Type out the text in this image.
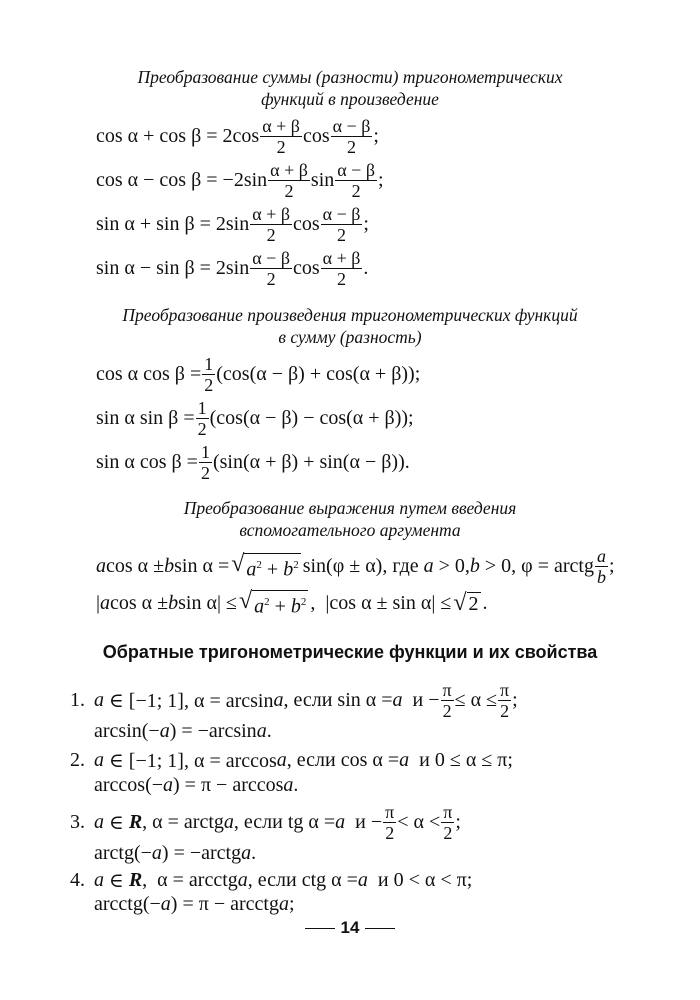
Преобразование суммы (разности) тригонометрических
функций в произведение
$\cos \alpha + \cos \beta = 2\cos \frac{\alpha + \beta}{2}$ $\cos \frac{\alpha - \beta}{2}$ ;
$\cos \alpha - \cos \beta = -2\sin \frac{\alpha + \beta}{2}$ $\sin \frac{\alpha - \beta}{2}$ ;
$\sin \alpha + \sin \beta = 2\sin \frac{\alpha + \beta}{2}$ $\cos \frac{\alpha - \beta}{2}$ ;
$\sin \alpha - \sin \beta = 2\sin \frac{\alpha - \beta}{2}$ $\cos \frac{\alpha + \beta}{2}$ .
Преобразование произведения тригонометрических функций
в сумму (разность)
cos α $\cos \beta = \frac{1}{2} (\cos(\alpha - \beta) + \cos(\alpha + \beta))$;
sin α $\sin \beta = \frac{1}{2} (\cos(\alpha - \beta) - \cos(\alpha + \beta))$;
sin α $\cos \beta = \frac{1}{2} (\sin(\alpha + \beta) + \sin(\alpha - \beta))$.
Преобразование выражения путем введения
вспомогательного аргумента
a cos α ± b sin α = √ $a^2 + b^2$ sin(φ ± α), где a > 0, b > 0, φ = arctg $\frac{a}{b}$ ;
| a cos α ± b sin α| ≤ √ $a^2 + b^2$ ,  |cos α ± sin α| ≤ √ 2 .
Обратные тригонометрические функции и их свойства
1. a ∈ [−1; 1], α = arcsin a , если sin α = a
$и - \frac{\pi}{2} \le \alpha \le \frac{\pi}{2}$ ;
arcsin(− a ) = −arcsin a .
2. a ∈ [−1; 1], α = arccos a , если cos α = a
и 0 ≤ α ≤ π;
arccos(− a ) = π − arccos a .
3. a ∈ R , α = arctg a , если tg α = a
$и - \frac{\pi}{2} < \alpha < \frac{\pi}{2}$ ;
arctg(− a ) = −arctg a .
4. a ∈ R ,  α = arcctg a , если ctg α = a
и 0 < α < π;
arcctg(− a ) = π − arcctg a ;
14
